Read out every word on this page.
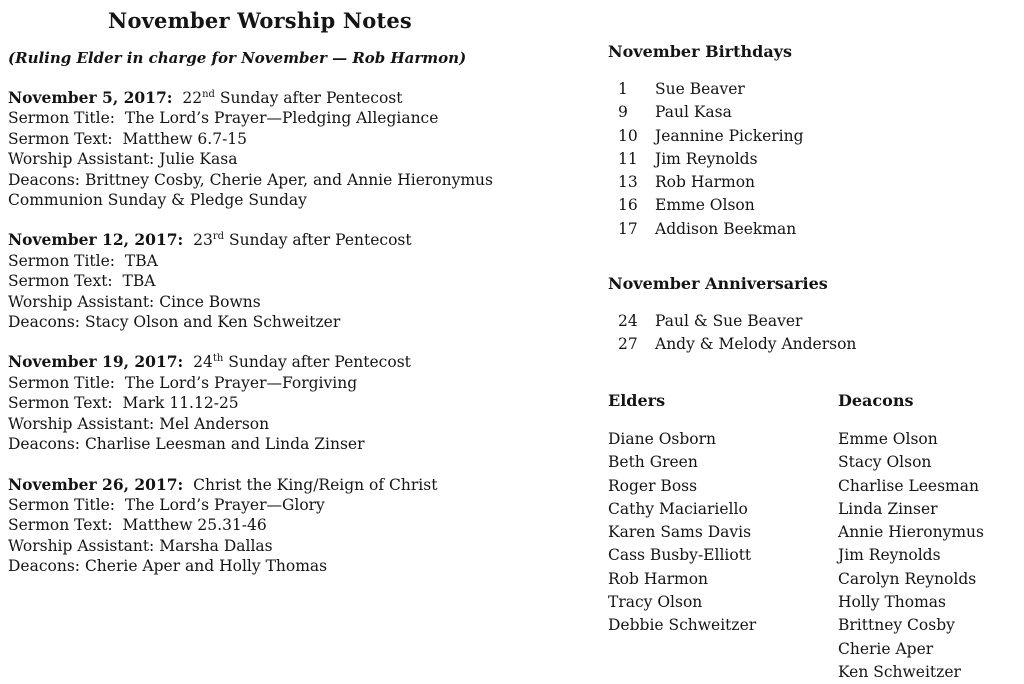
November Worship Notes

(Ruling Elder in charge for November — Rob Harmon)

November 5, 2017:  22nd Sunday after Pentecost

Sermon Title:  The Lord’s Prayer—Pledging Allegiance

Sermon Text:  Matthew 6.7-15

Worship Assistant: Julie Kasa

Deacons: Brittney Cosby, Cherie Aper, and Annie Hieronymus

Communion Sunday & Pledge Sunday

November 12, 2017:  23rd Sunday after Pentecost

Sermon Title:  TBA

Sermon Text:  TBA

Worship Assistant: Cince Bowns

Deacons: Stacy Olson and Ken Schweitzer

November 19, 2017:  24th Sunday after Pentecost

Sermon Title:  The Lord’s Prayer—Forgiving

Sermon Text:  Mark 11.12-25

Worship Assistant: Mel Anderson

Deacons: Charlise Leesman and Linda Zinser

November 26, 2017:  Christ the King/Reign of Christ

Sermon Title:  The Lord’s Prayer—Glory

Sermon Text:  Matthew 25.31-46

Worship Assistant: Marsha Dallas

Deacons: Cherie Aper and Holly Thomas

November Birthdays
1	Sue Beaver
9	Paul Kasa
10	Jeannine Pickering
11	Jim Reynolds
13	Rob Harmon
16	Emme Olson
17	Addison Beekman
November Anniversaries
24	Paul & Sue Beaver
27	Andy & Melody Anderson
Elders
Diane Osborn
Beth Green
Roger Boss
Cathy Maciariello
Karen Sams Davis
Cass Busby-Elliott
Rob Harmon
Tracy Olson
Debbie Schweitzer
Deacons
Emme Olson
Stacy Olson
Charlise Leesman
Linda Zinser
Annie Hieronymus
Jim Reynolds
Carolyn Reynolds
Holly Thomas
Brittney Cosby
Cherie Aper
Ken Schweitzer
